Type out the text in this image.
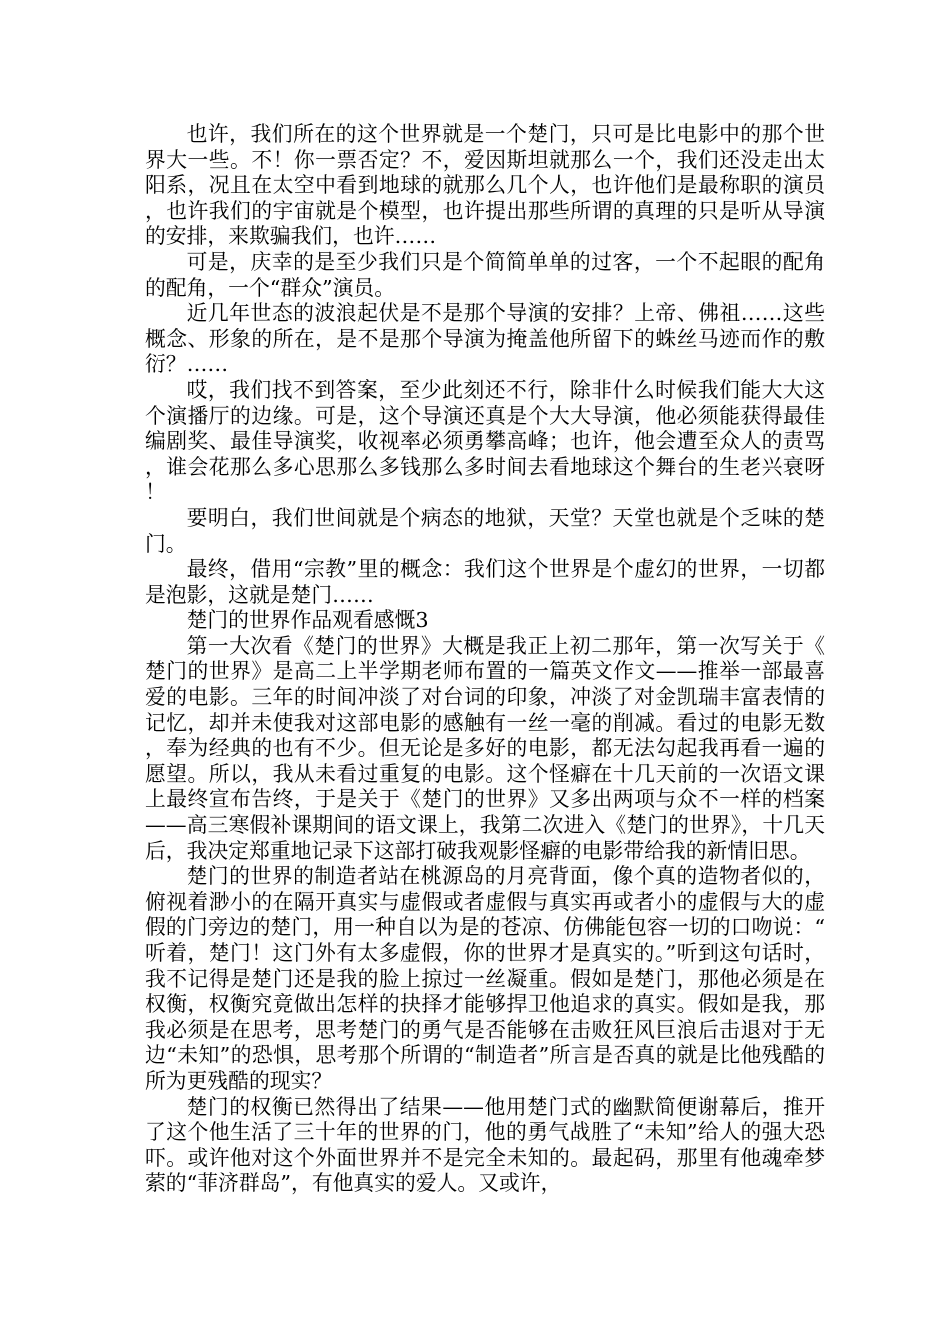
也许，我们所在的这个世界就是一个楚门，只可是比电影中的那个世界大一些。不！你一票否定？不，爱因斯坦就那么一个，我们还没走出太阳系，况且在太空中看到地球的就那么几个人，也许他们是最称职的演员，也许我们的宇宙就是个模型，也许提出那些所谓的真理的只是听从导演的安排，来欺骗我们，也许……

可是，庆幸的是至少我们只是个简简单单的过客，一个不起眼的配角的配角，一个“群众”演员。

近几年世态的波浪起伏是不是那个导演的安排？上帝、佛祖……这些概念、形象的所在，是不是那个导演为掩盖他所留下的蛛丝马迹而作的敷衍？……

哎，我们找不到答案，至少此刻还不行，除非什么时候我们能大大这个演播厅的边缘。可是，这个导演还真是个大大导演，他必须能获得最佳编剧奖、最佳导演奖，收视率必须勇攀高峰；也许，他会遭至众人的责骂，谁会花那么多心思那么多钱那么多时间去看地球这个舞台的生老兴衰呀！

要明白，我们世间就是个病态的地狱，天堂？天堂也就是个乏味的楚门。

最终，借用“宗教”里的概念：我们这个世界是个虚幻的世界，一切都是泡影，这就是楚门……

楚门的世界作品观看感慨3

第一大次看《楚门的世界》大概是我正上初二那年，第一次写关于《楚门的世界》是高二上半学期老师布置的一篇英文作文——推举一部最喜爱的电影。三年的时间冲淡了对台词的印象，冲淡了对金凯瑞丰富表情的记忆，却并未使我对这部电影的感触有一丝一毫的削减。看过的电影无数，奉为经典的也有不少。但无论是多好的电影，都无法勾起我再看一遍的愿望。所以，我从未看过重复的电影。这个怪癖在十几天前的一次语文课上最终宣布告终，于是关于《楚门的世界》又多出两项与众不一样的档案——高三寒假补课期间的语文课上，我第二次进入《楚门的世界》，十几天后，我决定郑重地记录下这部打破我观影怪癖的电影带给我的新情旧思。

楚门的世界的制造者站在桃源岛的月亮背面，像个真的造物者似的，俯视着渺小的在隔开真实与虚假或者虚假与真实再或者小的虚假与大的虚假的门旁边的楚门，用一种自以为是的苍凉、仿佛能包容一切的口吻说：“听着，楚门！这门外有太多虚假，你的世界才是真实的。”听到这句话时，我不记得是楚门还是我的脸上掠过一丝凝重。假如是楚门，那他必须是在权衡，权衡究竟做出怎样的抉择才能够捍卫他追求的真实。假如是我，那我必须是在思考，思考楚门的勇气是否能够在击败狂风巨浪后击退对于无边“未知”的恐惧，思考那个所谓的“制造者”所言是否真的就是比他残酷的所为更残酷的现实？

楚门的权衡已然得出了结果——他用楚门式的幽默简便谢幕后，推开了这个他生活了三十年的世界的门，他的勇气战胜了“未知”给人的强大恐吓。或许他对这个外面世界并不是完全未知的。最起码，那里有他魂牵梦萦的“菲济群岛”，有他真实的爱人。又或许，
